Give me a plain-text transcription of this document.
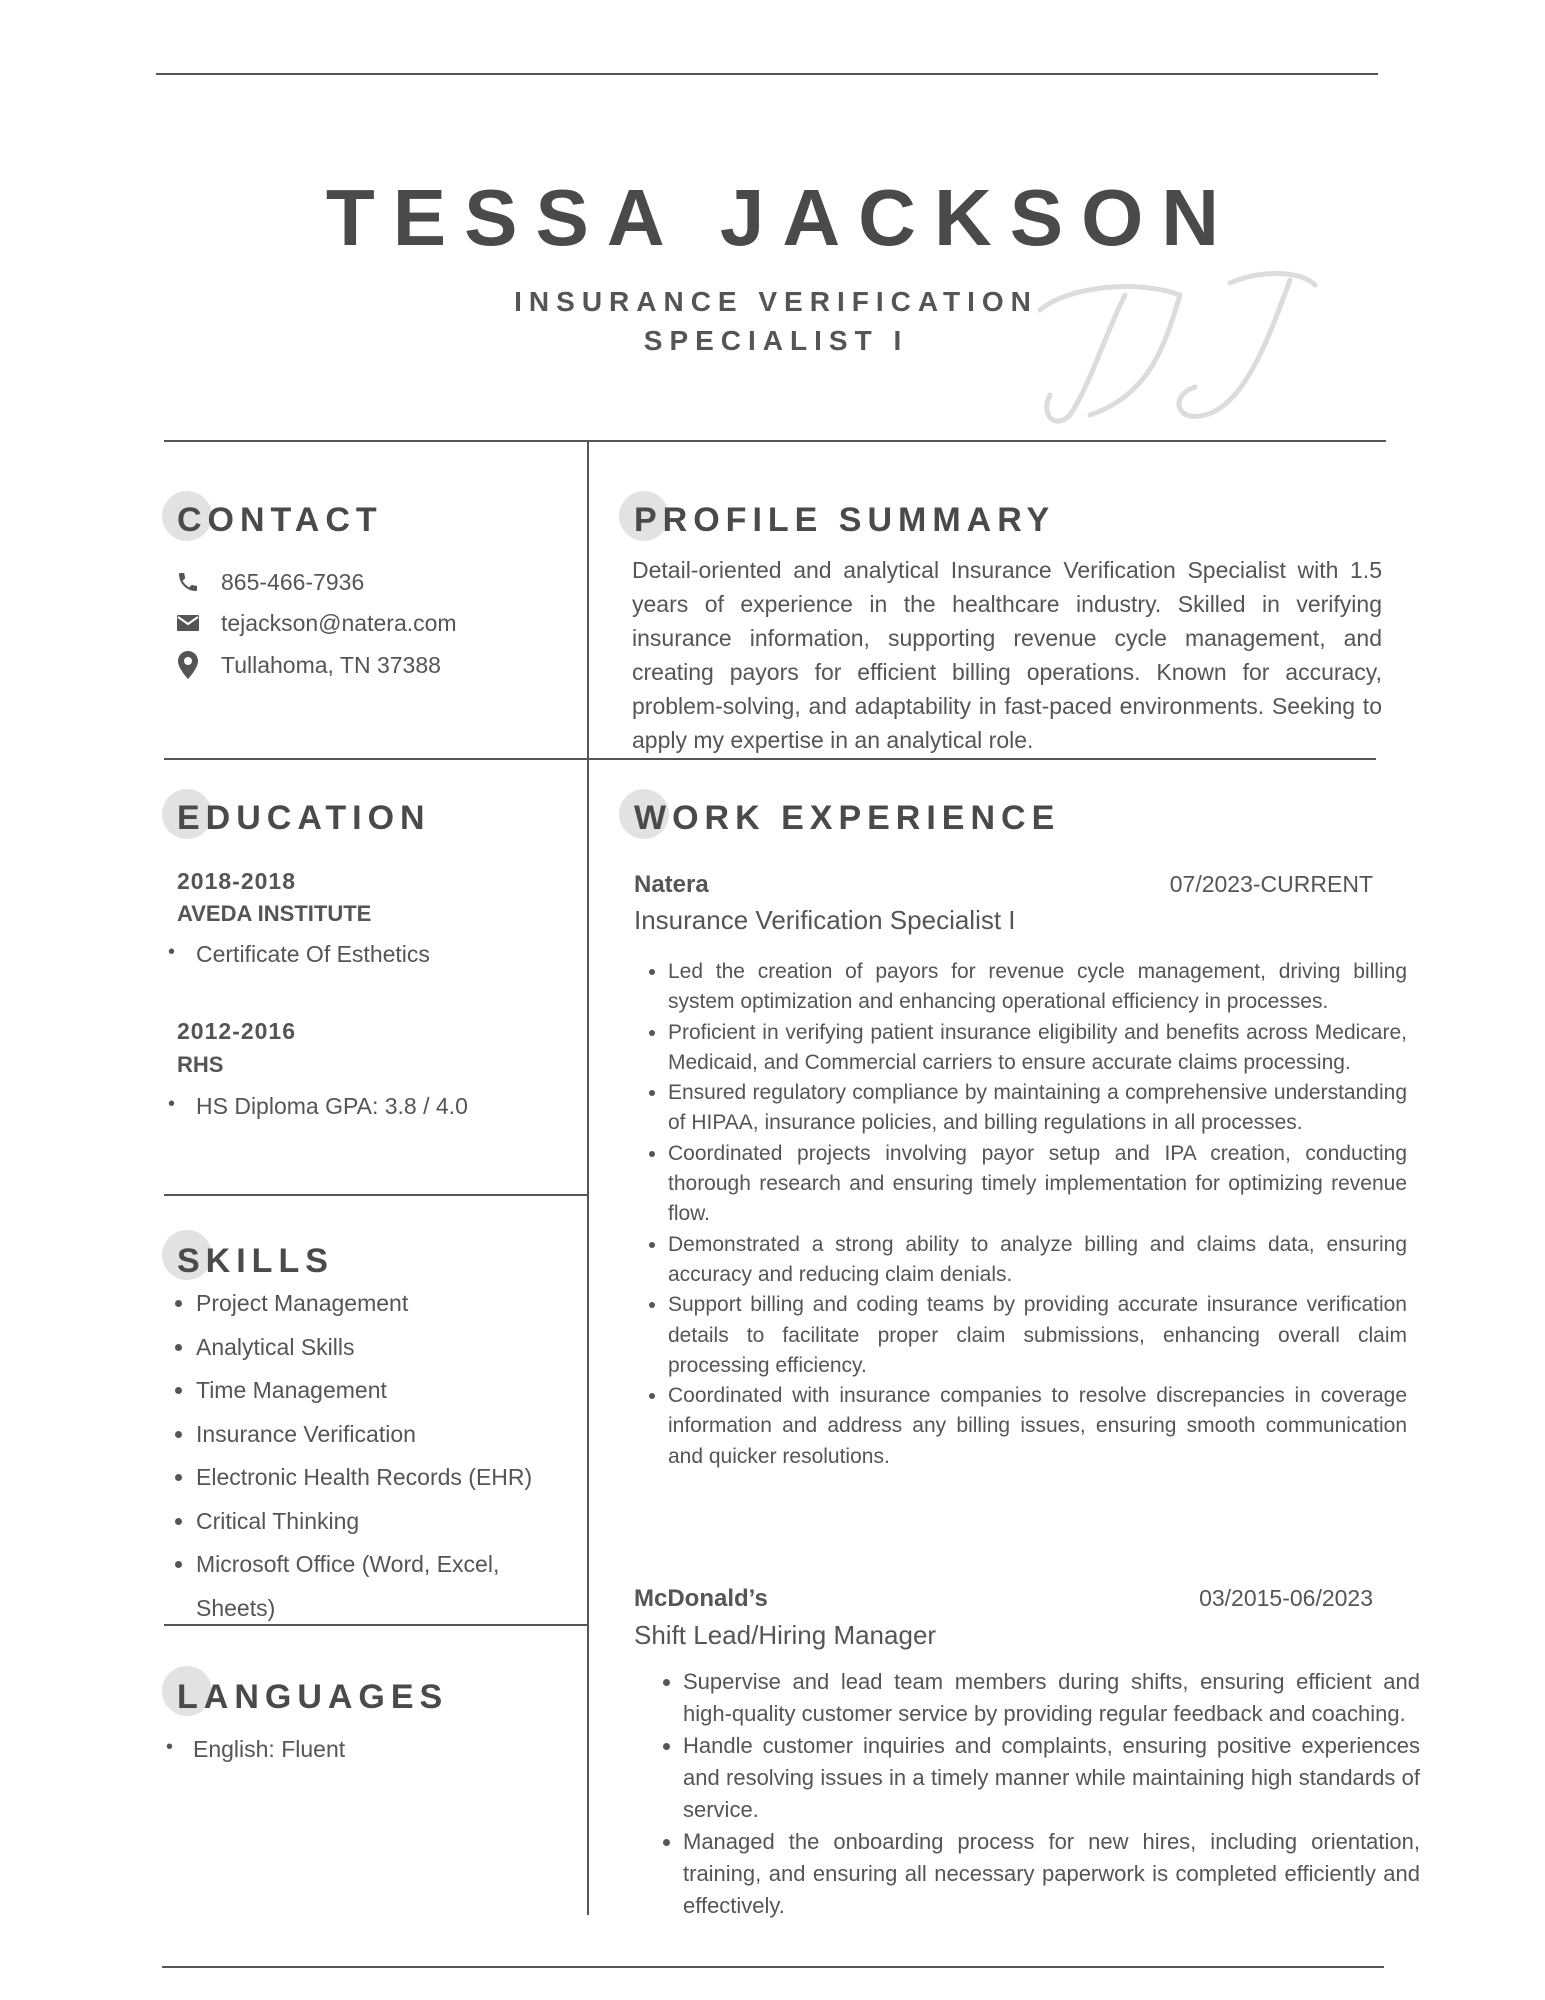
TESSA JACKSON
INSURANCE VERIFICATION
SPECIALIST I
CONTACT
865-466-7936
tejackson@natera.com
Tullahoma, TN 37388
PROFILE SUMMARY

Detail-oriented and analytical Insurance Verification Specialist with 1.5 years of experience in the healthcare industry. Skilled in verifying insurance information, supporting revenue cycle management, and creating payors for efficient billing operations. Known for accuracy, problem-solving, and adaptability in fast-paced environments. Seeking to apply my expertise in an analytical role.

EDUCATION
2018-2018
AVEDA INSTITUTE
• Certificate Of Esthetics
2012-2016
RHS
• HS Diploma GPA: 3.8 / 4.0
SKILLS
• Project Management
• Analytical Skills
• Time Management
• Insurance Verification
• Electronic Health Records (EHR)
• Critical Thinking
• Microsoft Office (Word, Excel, Sheets)
LANGUAGES
• English: Fluent
WORK EXPERIENCE
Natera	07/2023-CURRENT
Insurance Verification Specialist I
• Led the creation of payors for revenue cycle management, driving billing system optimization and enhancing operational efficiency in processes.
• Proficient in verifying patient insurance eligibility and benefits across Medicare, Medicaid, and Commercial carriers to ensure accurate claims processing.
• Ensured regulatory compliance by maintaining a comprehensive understanding of HIPAA, insurance policies, and billing regulations in all processes.
• Coordinated projects involving payor setup and IPA creation, conducting thorough research and ensuring timely implementation for optimizing revenue flow.
• Demonstrated a strong ability to analyze billing and claims data, ensuring accuracy and reducing claim denials.
• Support billing and coding teams by providing accurate insurance verification details to facilitate proper claim submissions, enhancing overall claim processing efficiency.
• Coordinated with insurance companies to resolve discrepancies in coverage information and address any billing issues, ensuring smooth communication and quicker resolutions.
McDonald’s	03/2015-06/2023
Shift Lead/Hiring Manager
• Supervise and lead team members during shifts, ensuring efficient and high-quality customer service by providing regular feedback and coaching.
• Handle customer inquiries and complaints, ensuring positive experiences and resolving issues in a timely manner while maintaining high standards of service.
• Managed the onboarding process for new hires, including orientation, training, and ensuring all necessary paperwork is completed efficiently and effectively.
